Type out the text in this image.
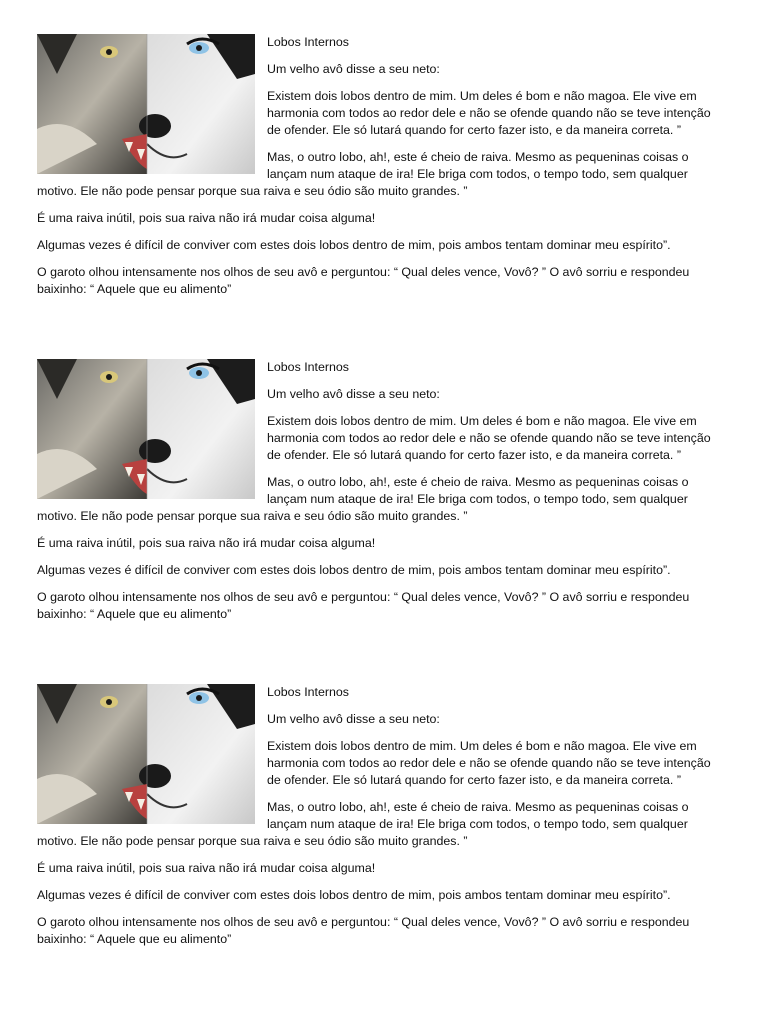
Lobos Internos

Um velho avô disse a seu neto:

Existem dois lobos dentro de mim. Um deles é bom e não magoa. Ele vive em harmonia com todos ao redor dele e não se ofende quando não se teve intenção de ofender. Ele só lutará quando for certo fazer isto, e da maneira correta. ”

Mas, o outro lobo, ah!, este é cheio de raiva. Mesmo as pequeninas coisas o lançam num ataque de ira! Ele briga com todos, o tempo todo, sem qualquer motivo. Ele não pode pensar porque sua raiva e seu ódio são muito grandes. ”

É uma raiva inútil, pois sua raiva não irá mudar coisa alguma!

Algumas vezes é difícil de conviver com estes dois lobos dentro de mim, pois ambos tentam dominar meu espírito”.

O garoto olhou intensamente nos olhos de seu avô e perguntou: “ Qual deles vence, Vovô? ” O avô sorriu e respondeu baixinho: “ Aquele que eu alimento”

Lobos Internos

Um velho avô disse a seu neto:

Existem dois lobos dentro de mim. Um deles é bom e não magoa. Ele vive em harmonia com todos ao redor dele e não se ofende quando não se teve intenção de ofender. Ele só lutará quando for certo fazer isto, e da maneira correta. ”

Mas, o outro lobo, ah!, este é cheio de raiva. Mesmo as pequeninas coisas o lançam num ataque de ira! Ele briga com todos, o tempo todo, sem qualquer motivo. Ele não pode pensar porque sua raiva e seu ódio são muito grandes. ”

É uma raiva inútil, pois sua raiva não irá mudar coisa alguma!

Algumas vezes é difícil de conviver com estes dois lobos dentro de mim, pois ambos tentam dominar meu espírito”.

O garoto olhou intensamente nos olhos de seu avô e perguntou: “ Qual deles vence, Vovô? ” O avô sorriu e respondeu baixinho: “ Aquele que eu alimento”

Lobos Internos

Um velho avô disse a seu neto:

Existem dois lobos dentro de mim. Um deles é bom e não magoa. Ele vive em harmonia com todos ao redor dele e não se ofende quando não se teve intenção de ofender. Ele só lutará quando for certo fazer isto, e da maneira correta. ”

Mas, o outro lobo, ah!, este é cheio de raiva. Mesmo as pequeninas coisas o lançam num ataque de ira! Ele briga com todos, o tempo todo, sem qualquer motivo. Ele não pode pensar porque sua raiva e seu ódio são muito grandes. ”

É uma raiva inútil, pois sua raiva não irá mudar coisa alguma!

Algumas vezes é difícil de conviver com estes dois lobos dentro de mim, pois ambos tentam dominar meu espírito”.

O garoto olhou intensamente nos olhos de seu avô e perguntou: “ Qual deles vence, Vovô? ” O avô sorriu e respondeu baixinho: “ Aquele que eu alimento”
